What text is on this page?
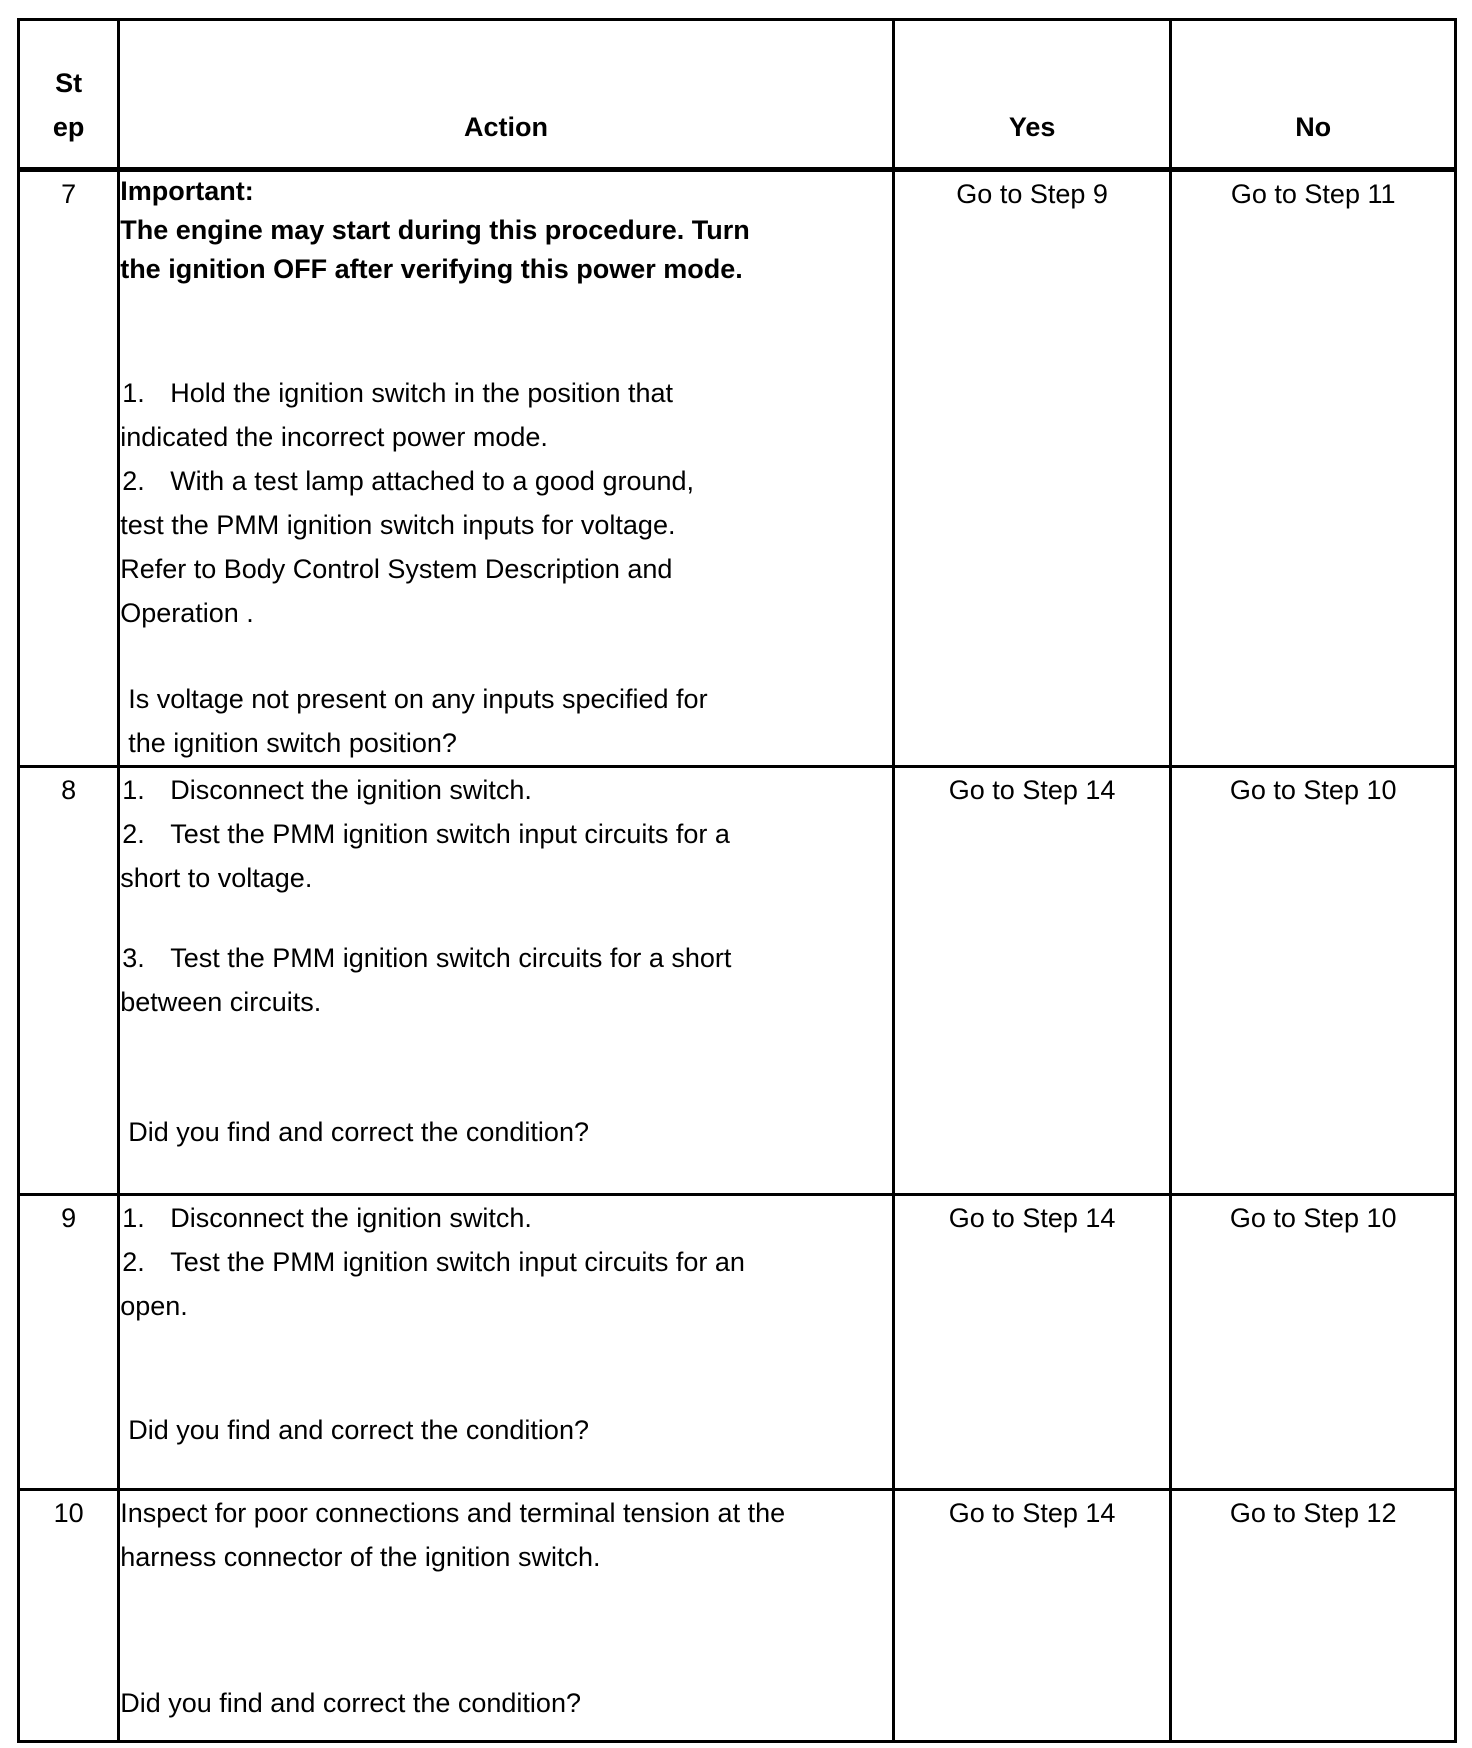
St
ep	Action	Yes	No
7	Important:
The engine may start during this procedure. Turn the ignition OFF after verifying this power mode.
1. Hold the ignition switch in the position that indicated the incorrect power mode.
2. With a test lamp attached to a good ground, test the PMM ignition switch inputs for voltage. Refer to Body Control System Description and Operation .
Is voltage not present on any inputs specified for the ignition switch position?	Go to Step 9	Go to Step 11
8	1. Disconnect the ignition switch.
2. Test the PMM ignition switch input circuits for a short to voltage.
3. Test the PMM ignition switch circuits for a short between circuits.
Did you find and correct the condition?	Go to Step 14	Go to Step 10
9	1. Disconnect the ignition switch.
2. Test the PMM ignition switch input circuits for an open.
Did you find and correct the condition?	Go to Step 14	Go to Step 10
10	Inspect for poor connections and terminal tension at the harness connector of the ignition switch.
Did you find and correct the condition?	Go to Step 14	Go to Step 12
